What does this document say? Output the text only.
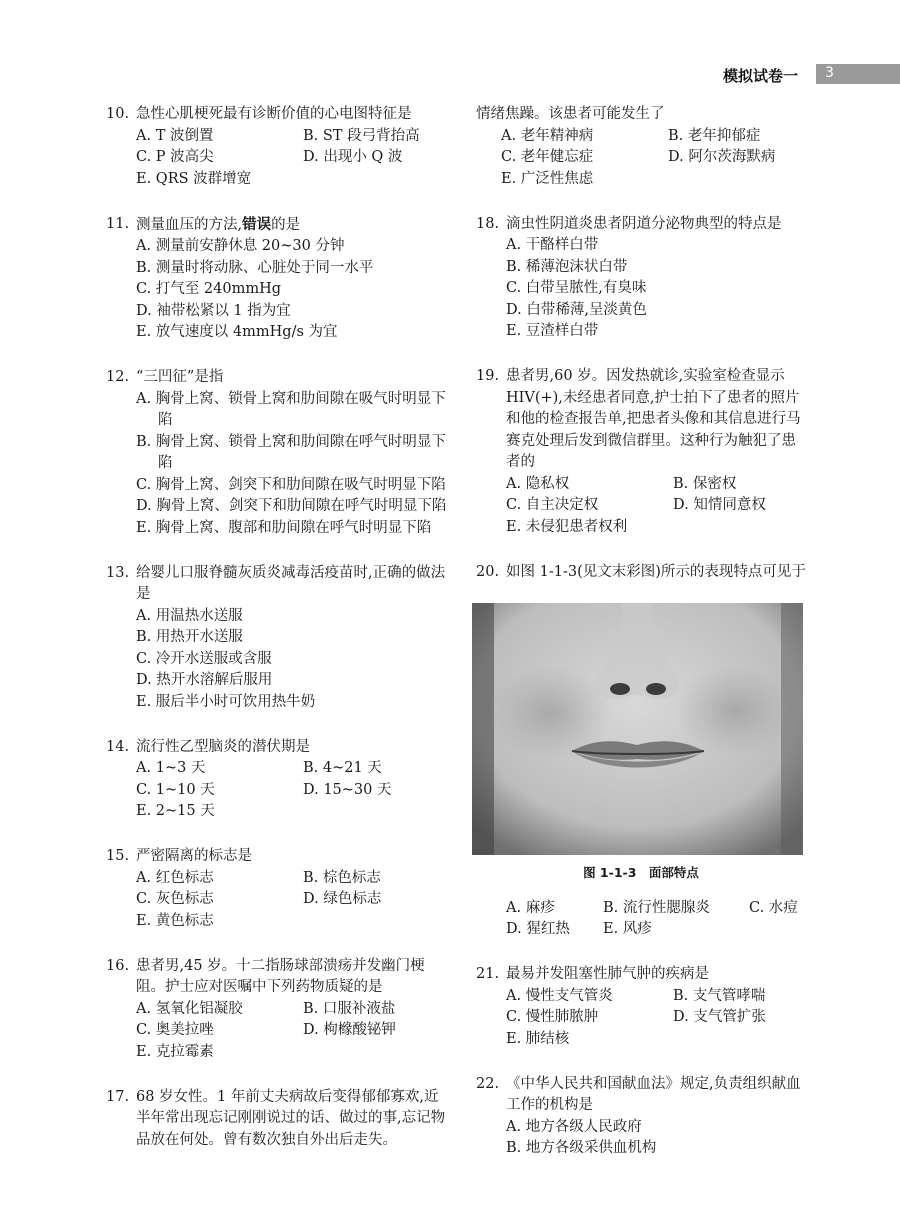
模拟试卷一 3
10. 急性心肌梗死最有诊断价值的心电图特征是
A. T 波倒置	B. ST 段弓背抬高
C. P 波高尖	D. 出现小 Q 波
E. QRS 波群增宽
11. 测量血压的方法,错误的是
A. 测量前安静休息 20~30 分钟
B. 测量时将动脉、心脏处于同一水平
C. 打气至 240mmHg
D. 袖带松紧以 1 指为宜
E. 放气速度以 4mmHg/s 为宜
12. “三凹征”是指
A. 胸骨上窝、锁骨上窝和肋间隙在吸气时明显下陷
B. 胸骨上窝、锁骨上窝和肋间隙在呼气时明显下陷
C. 胸骨上窝、剑突下和肋间隙在吸气时明显下陷
D. 胸骨上窝、剑突下和肋间隙在呼气时明显下陷
E. 胸骨上窝、腹部和肋间隙在呼气时明显下陷
13. 给婴儿口服脊髓灰质炎减毒活疫苗时,正确的做法是
A. 用温热水送服
B. 用热开水送服
C. 冷开水送服或含服
D. 热开水溶解后服用
E. 服后半小时可饮用热牛奶
14. 流行性乙型脑炎的潜伏期是
A. 1~3 天	B. 4~21 天
C. 1~10 天	D. 15~30 天
E. 2~15 天
15. 严密隔离的标志是
A. 红色标志	B. 棕色标志
C. 灰色标志	D. 绿色标志
E. 黄色标志
16. 患者男,45 岁。十二指肠球部溃疡并发幽门梗阻。护士应对医嘱中下列药物质疑的是
A. 氢氧化铝凝胶	B. 口服补液盐
C. 奥美拉唑	D. 枸橼酸铋钾
E. 克拉霉素
17. 68 岁女性。1 年前丈夫病故后变得郁郁寡欢,近半年常出现忘记刚刚说过的话、做过的事,忘记物品放在何处。曾有数次独自外出后走失。
情绪焦躁。该患者可能发生了
A. 老年精神病	B. 老年抑郁症
C. 老年健忘症	D. 阿尔茨海默病
E. 广泛性焦虑
18. 滴虫性阴道炎患者阴道分泌物典型的特点是
A. 干酪样白带
B. 稀薄泡沫状白带
C. 白带呈脓性,有臭味
D. 白带稀薄,呈淡黄色
E. 豆渣样白带
19. 患者男,60 岁。因发热就诊,实验室检查显示 HIV(+),未经患者同意,护士拍下了患者的照片和他的检查报告单,把患者头像和其信息进行马赛克处理后发到微信群里。这种行为触犯了患者的
A. 隐私权	B. 保密权
C. 自主决定权	D. 知情同意权
E. 未侵犯患者权利
20. 如图 1-1-3(见文末彩图)所示的表现特点可见于
图 1-1-3　面部特点
A. 麻疹	B. 流行性腮腺炎	C. 水痘
D. 猩红热	E. 风疹
21. 最易并发阻塞性肺气肿的疾病是
A. 慢性支气管炎	B. 支气管哮喘
C. 慢性肺脓肿	D. 支气管扩张
E. 肺结核
22. 《中华人民共和国献血法》规定,负责组织献血工作的机构是
A. 地方各级人民政府
B. 地方各级采供血机构
